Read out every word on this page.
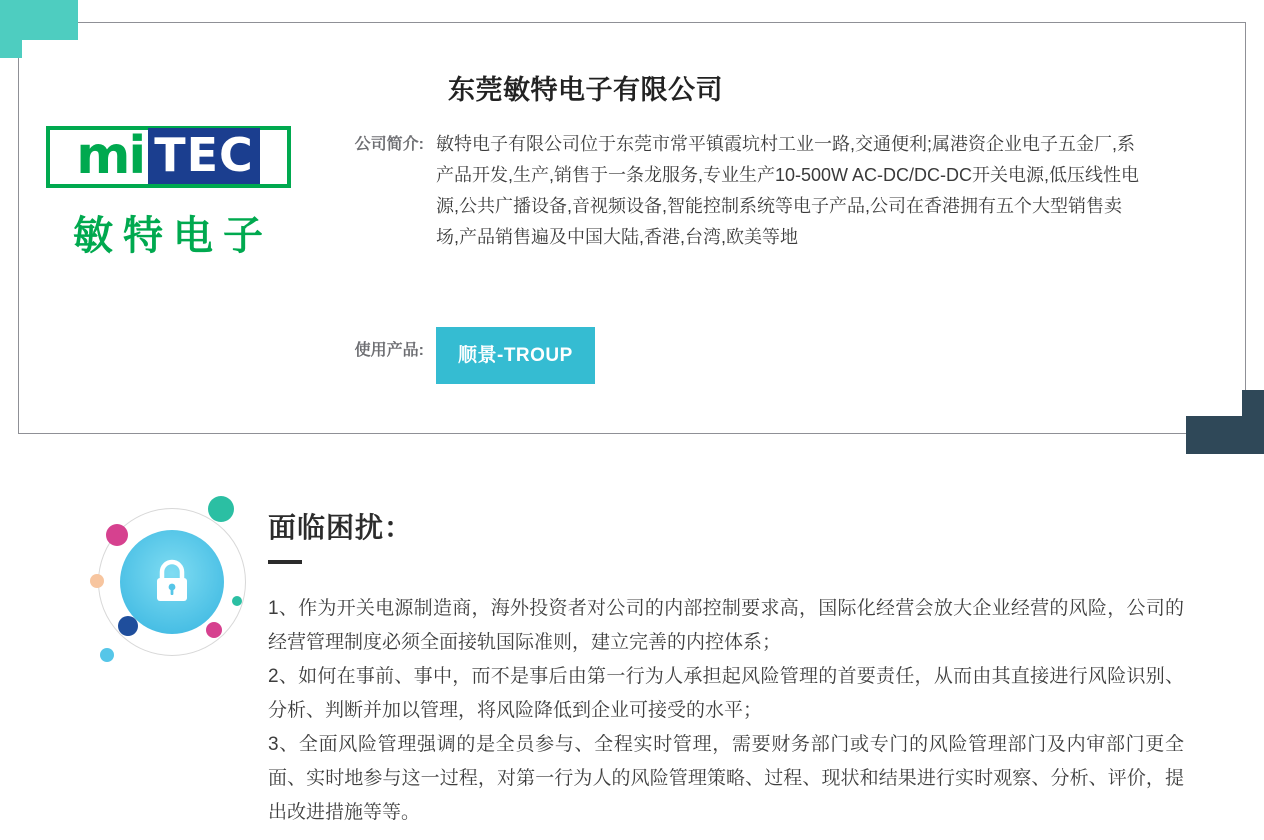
mi TEC
敏特电子
东莞敏特电子有限公司
公司简介: 敏特电子有限公司位于东莞市常平镇霞坑村工业一路,交通便利;属港资企业电子五金厂,系产品开发,生产,销售于一条龙服务,专业生产10-500W AC-DC/DC-DC开关电源,低压线性电源,公共广播设备,音视频设备,智能控制系统等电子产品,公司在香港拥有五个大型销售卖场,产品销售遍及中国大陆,香港,台湾,欧美等地
使用产品:	顺景-TROUP
面临困扰：

1、作为开关电源制造商，海外投资者对公司的内部控制要求高，国际化经营会放大企业经营的风险，公司的经营管理制度必须全面接轨国际准则，建立完善的内控体系；

2、如何在事前、事中，而不是事后由第一行为人承担起风险管理的首要责任，从而由其直接进行风险识别、分析、判断并加以管理，将风险降低到企业可接受的水平；

3、全面风险管理强调的是全员参与、全程实时管理，需要财务部门或专门的风险管理部门及内审部门更全面、实时地参与这一过程，对第一行为人的风险管理策略、过程、现状和结果进行实时观察、分析、评价，提出改进措施等等。
